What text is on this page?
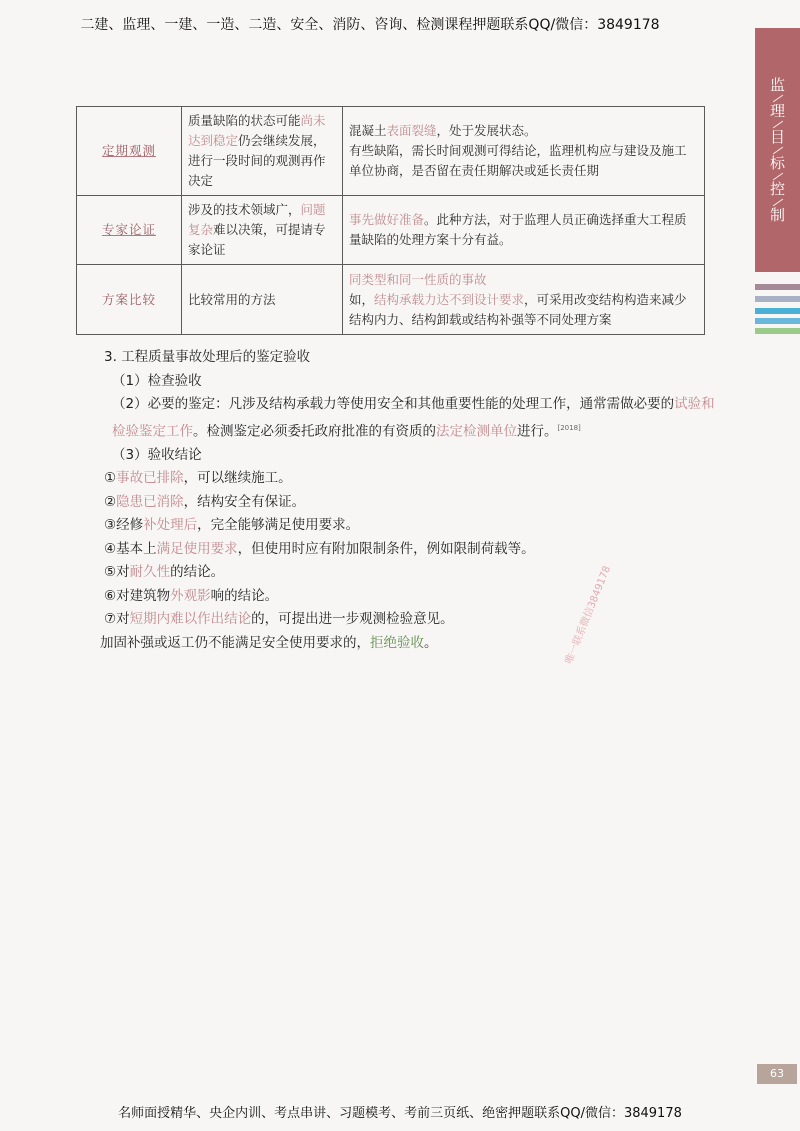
二建、监理、一建、一造、二造、安全、消防、咨询、检测课程押题联系QQ/微信：3849178
监
理
目
标
控
制
定期观测	质量缺陷的状态可能尚未达到稳定仍会继续发展，进行一段时间的观测再作决定	混凝土表面裂缝，处于发展状态。
有些缺陷，需长时间观测可得结论，监理机构应与建设及施工单位协商，是否留在责任期解决或延长责任期
专家论证	涉及的技术领域广，问题复杂难以决策，可提请专家论证	事先做好准备。此种方法，对于监理人员正确选择重大工程质量缺陷的处理方案十分有益。
方案比较	比较常用的方法	同类型和同一性质的事故
如，结构承载力达不到设计要求，可采用改变结构构造来减少结构内力、结构卸载或结构补强等不同处理方案

3. 工程质量事故处理后的鉴定验收

（1）检查验收

（2）必要的鉴定：凡涉及结构承载力等使用安全和其他重要性能的处理工作，通常需做必要的试验和检验鉴定工作。检测鉴定必须委托政府批准的有资质的法定检测单位进行。[2018]

（3）验收结论

①事故已排除，可以继续施工。

②隐患已消除，结构安全有保证。

③经修补处理后，完全能够满足使用要求。

④基本上满足使用要求，但使用时应有附加限制条件，例如限制荷载等。

⑤对耐久性的结论。

⑥对建筑物外观影响的结论。

⑦对短期内难以作出结论的，可提出进一步观测检验意见。

加固补强或返工仍不能满足安全使用要求的，拒绝验收。	唯一联系微信3849178
63
名师面授精华、央企内训、考点串讲、习题模考、考前三页纸、绝密押题联系QQ/微信：3849178
